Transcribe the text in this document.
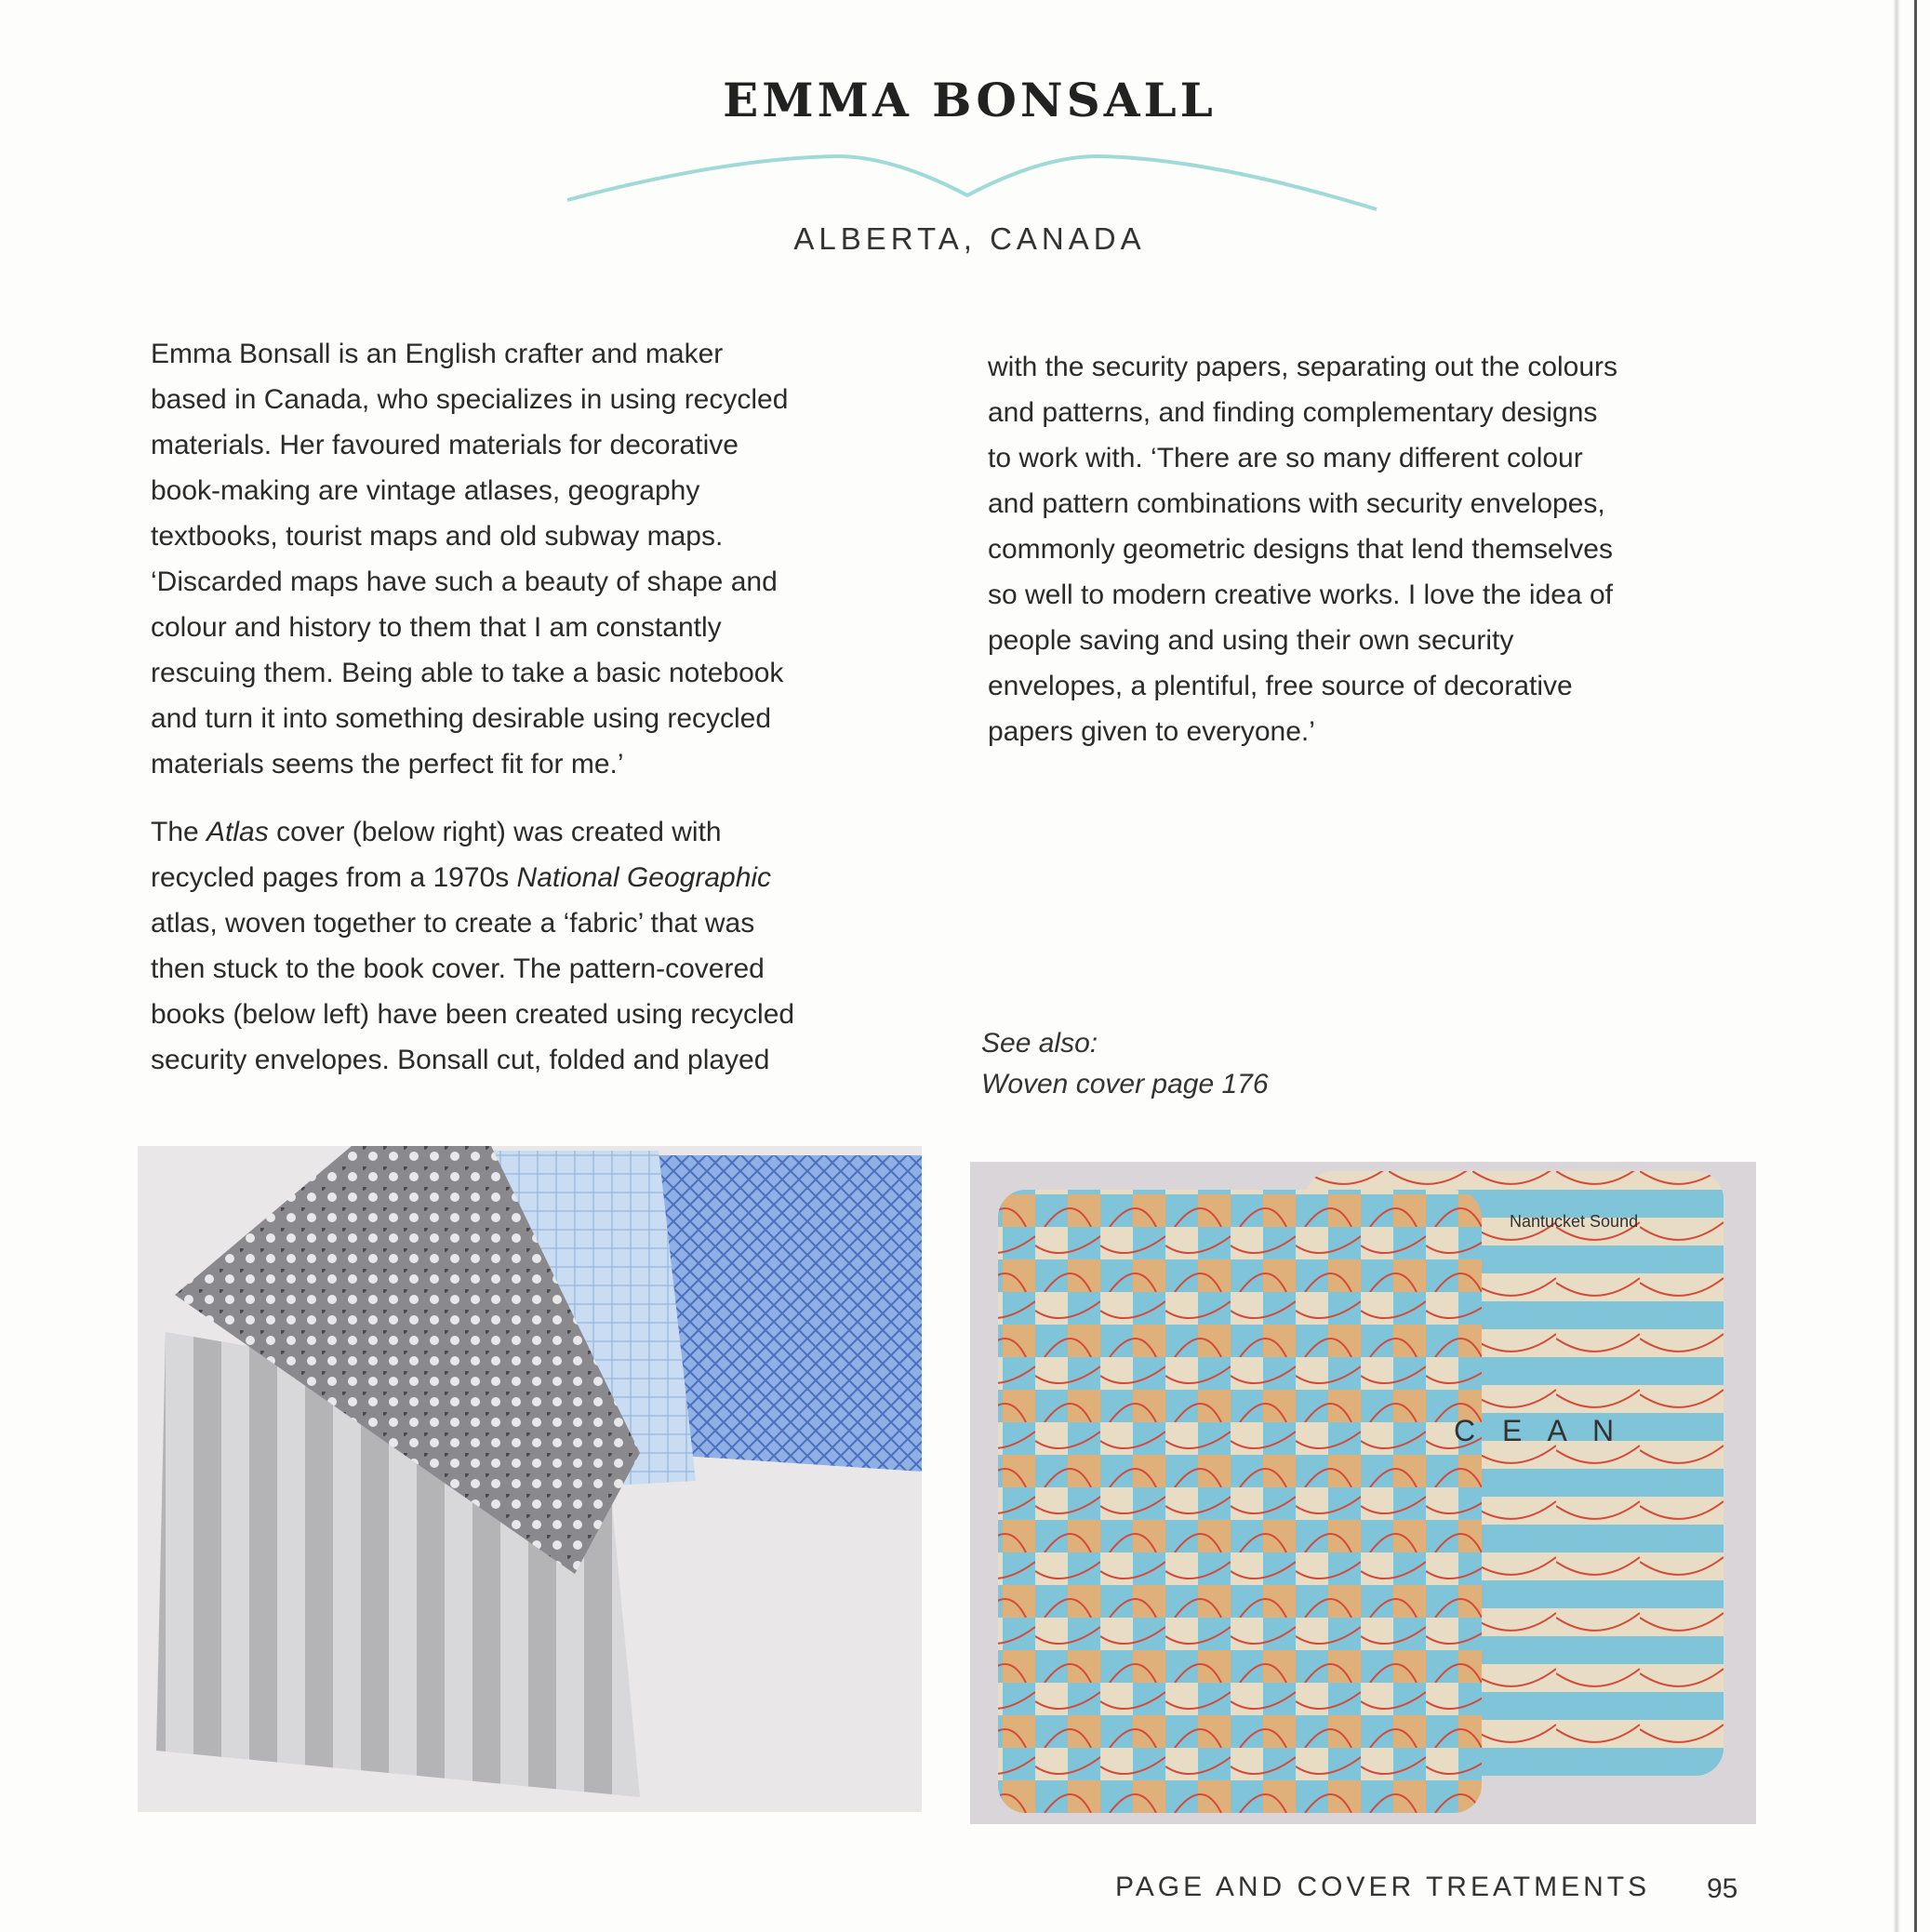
EMMA BONSALL
ALBERTA, CANADA
Emma Bonsall is an English crafter and maker
based in Canada, who specializes in using recycled
materials. Her favoured materials for decorative
book-making are vintage atlases, geography
textbooks, tourist maps and old subway maps.
‘Discarded maps have such a beauty of shape and
colour and history to them that I am constantly
rescuing them. Being able to take a basic notebook
and turn it into something desirable using recycled
materials seems the perfect fit for me.’
The Atlas cover (below right) was created with
recycled pages from a 1970s National Geographic
atlas, woven together to create a ‘fabric’ that was
then stuck to the book cover. The pattern-covered
books (below left) have been created using recycled
security envelopes. Bonsall cut, folded and played
with the security papers, separating out the colours
and patterns, and finding complementary designs
to work with. ‘There are so many different colour
and pattern combinations with security envelopes,
commonly geometric designs that lend themselves
so well to modern creative works. I love the idea of
people saving and using their own security
envelopes, a plentiful, free source of decorative
papers given to everyone.’
See also:
Woven cover page 176
Nantucket Sound
C E A N
PAGE AND COVER TREATMENTS 95
